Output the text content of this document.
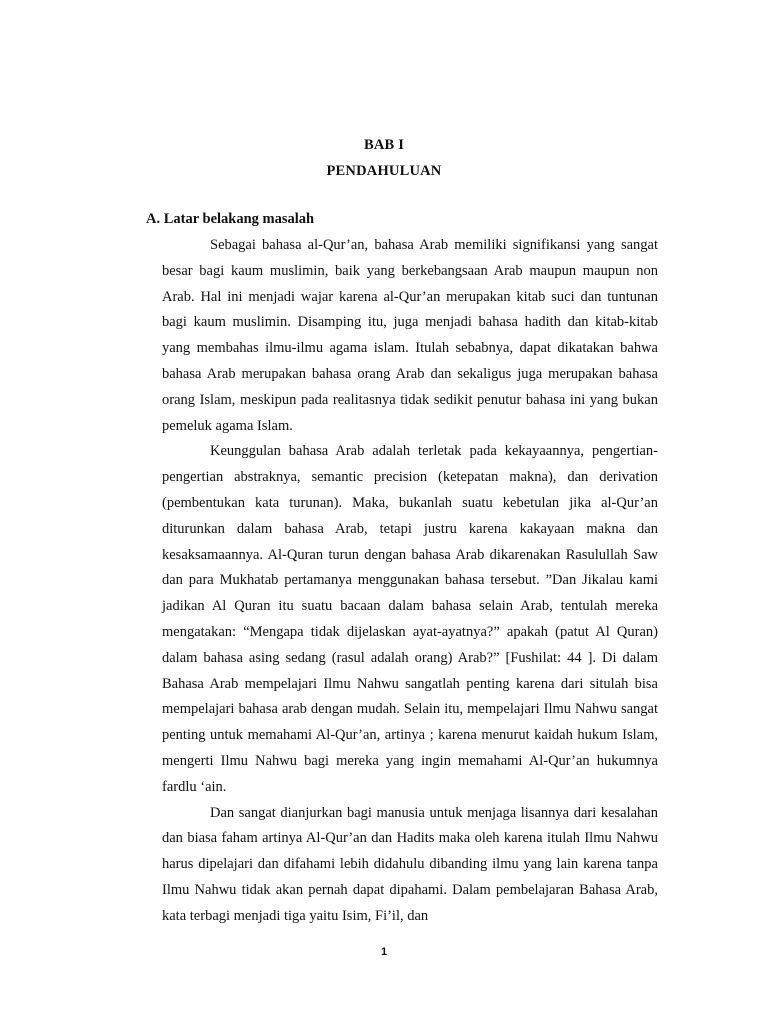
BAB I
PENDAHULUAN
A. Latar belakang masalah

Sebagai bahasa al-Qur’an, bahasa Arab memiliki signifikansi yang sangat besar bagi kaum muslimin, baik yang berkebangsaan Arab maupun maupun non Arab. Hal ini menjadi wajar karena al-Qur’an merupakan kitab suci dan tuntunan bagi kaum muslimin. Disamping itu, juga menjadi bahasa hadith dan kitab-kitab yang membahas ilmu-ilmu agama islam. Itulah sebabnya, dapat dikatakan bahwa bahasa Arab merupakan bahasa orang Arab dan sekaligus juga merupakan bahasa orang Islam, meskipun pada realitasnya tidak sedikit penutur bahasa ini yang bukan pemeluk agama Islam.

Keunggulan bahasa Arab adalah terletak pada kekayaannya, pengertian-pengertian abstraknya, semantic precision (ketepatan makna), dan derivation (pembentukan kata turunan). Maka, bukanlah suatu kebetulan jika al-Qur’an diturunkan dalam bahasa Arab, tetapi justru karena kakayaan makna dan kesaksamaannya. Al-Quran turun dengan bahasa Arab dikarenakan Rasulullah Saw dan para Mukhatab pertamanya menggunakan bahasa tersebut. ”Dan Jikalau kami jadikan Al Quran itu suatu bacaan dalam bahasa selain Arab, tentulah mereka mengatakan: “Mengapa tidak dijelaskan ayat-ayatnya?” apakah (patut Al Quran) dalam bahasa asing sedang (rasul adalah orang) Arab?” [Fushilat: 44 ]. Di dalam Bahasa Arab mempelajari Ilmu Nahwu sangatlah penting karena dari situlah bisa mempelajari bahasa arab dengan mudah. Selain itu, mempelajari Ilmu Nahwu sangat penting untuk memahami Al-Qur’an, artinya ; karena menurut kaidah hukum Islam, mengerti Ilmu Nahwu bagi mereka yang ingin memahami Al-Qur’an hukumnya fardlu ‘ain.

Dan sangat dianjurkan bagi manusia untuk menjaga lisannya dari kesalahan dan biasa faham artinya Al-Qur’an dan Hadits maka oleh karena itulah Ilmu Nahwu harus dipelajari dan difahami lebih didahulu dibanding ilmu yang lain karena tanpa Ilmu Nahwu tidak akan pernah dapat dipahami. Dalam pembelajaran Bahasa Arab, kata terbagi menjadi tiga yaitu Isim, Fi’il, dan

1
